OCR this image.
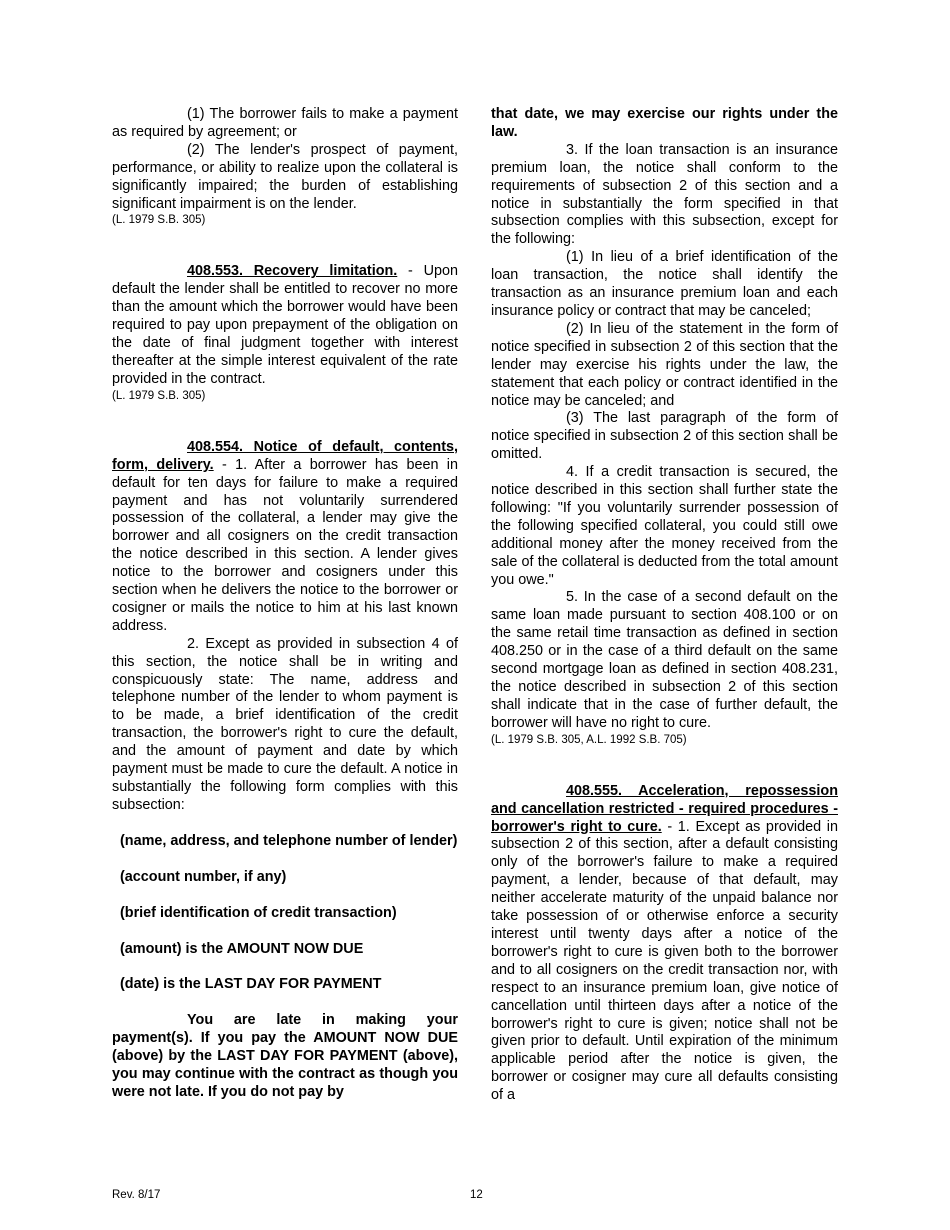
(1) The borrower fails to make a payment as required by agreement; or

(2) The lender's prospect of payment, performance, or ability to realize upon the collateral is significantly impaired; the burden of establishing significant impairment is on the lender.

(L. 1979 S.B. 305)

408.553. Recovery limitation. - Upon default the lender shall be entitled to recover no more than the amount which the borrower would have been required to pay upon prepayment of the obligation on the date of final judgment together with interest thereafter at the simple interest equivalent of the rate provided in the contract.

(L. 1979 S.B. 305)

408.554. Notice of default, contents, form, delivery. - 1. After a borrower has been in default for ten days for failure to make a required payment and has not voluntarily surrendered possession of the collateral, a lender may give the borrower and all cosigners on the credit transaction the notice described in this section. A lender gives notice to the borrower and cosigners under this section when he delivers the notice to the borrower or cosigner or mails the notice to him at his last known address.

2. Except as provided in subsection 4 of this section, the notice shall be in writing and conspicuously state: The name, address and telephone number of the lender to whom payment is to be made, a brief identification of the credit transaction, the borrower's right to cure the default, and the amount of payment and date by which payment must be made to cure the default. A notice in substantially the following form complies with this subsection:

(name, address, and telephone number of lender)

(account number, if any)

(brief identification of credit transaction)

(amount) is the AMOUNT NOW DUE

(date) is the LAST DAY FOR PAYMENT

You are late in making your payment(s). If you pay the AMOUNT NOW DUE (above) by the LAST DAY FOR PAYMENT (above), you may continue with the contract as though you were not late. If you do not pay by

that date, we may exercise our rights under the law.

3. If the loan transaction is an insurance premium loan, the notice shall conform to the requirements of subsection 2 of this section and a notice in substantially the form specified in that subsection complies with this subsection, except for the following:

(1) In lieu of a brief identification of the loan transaction, the notice shall identify the transaction as an insurance premium loan and each insurance policy or contract that may be canceled;

(2) In lieu of the statement in the form of notice specified in subsection 2 of this section that the lender may exercise his rights under the law, the statement that each policy or contract identified in the notice may be canceled; and

(3) The last paragraph of the form of notice specified in subsection 2 of this section shall be omitted.

4. If a credit transaction is secured, the notice described in this section shall further state the following: "If you voluntarily surrender possession of the following specified collateral, you could still owe additional money after the money received from the sale of the collateral is deducted from the total amount you owe."

5. In the case of a second default on the same loan made pursuant to section 408.100 or on the same retail time transaction as defined in section 408.250 or in the case of a third default on the same second mortgage loan as defined in section 408.231, the notice described in subsection 2 of this section shall indicate that in the case of further default, the borrower will have no right to cure.

(L. 1979 S.B. 305, A.L. 1992 S.B. 705)

408.555. Acceleration, repossession and cancellation restricted - required procedures - borrower's right to cure. - 1. Except as provided in subsection 2 of this section, after a default consisting only of the borrower's failure to make a required payment, a lender, because of that default, may neither accelerate maturity of the unpaid balance nor take possession of or otherwise enforce a security interest until twenty days after a notice of the borrower's right to cure is given both to the borrower and to all cosigners on the credit transaction nor, with respect to an insurance premium loan, give notice of cancellation until thirteen days after a notice of the borrower's right to cure is given; notice shall not be given prior to default. Until expiration of the minimum applicable period after the notice is given, the borrower or cosigner may cure all defaults consisting of a

Rev. 8/17	12
